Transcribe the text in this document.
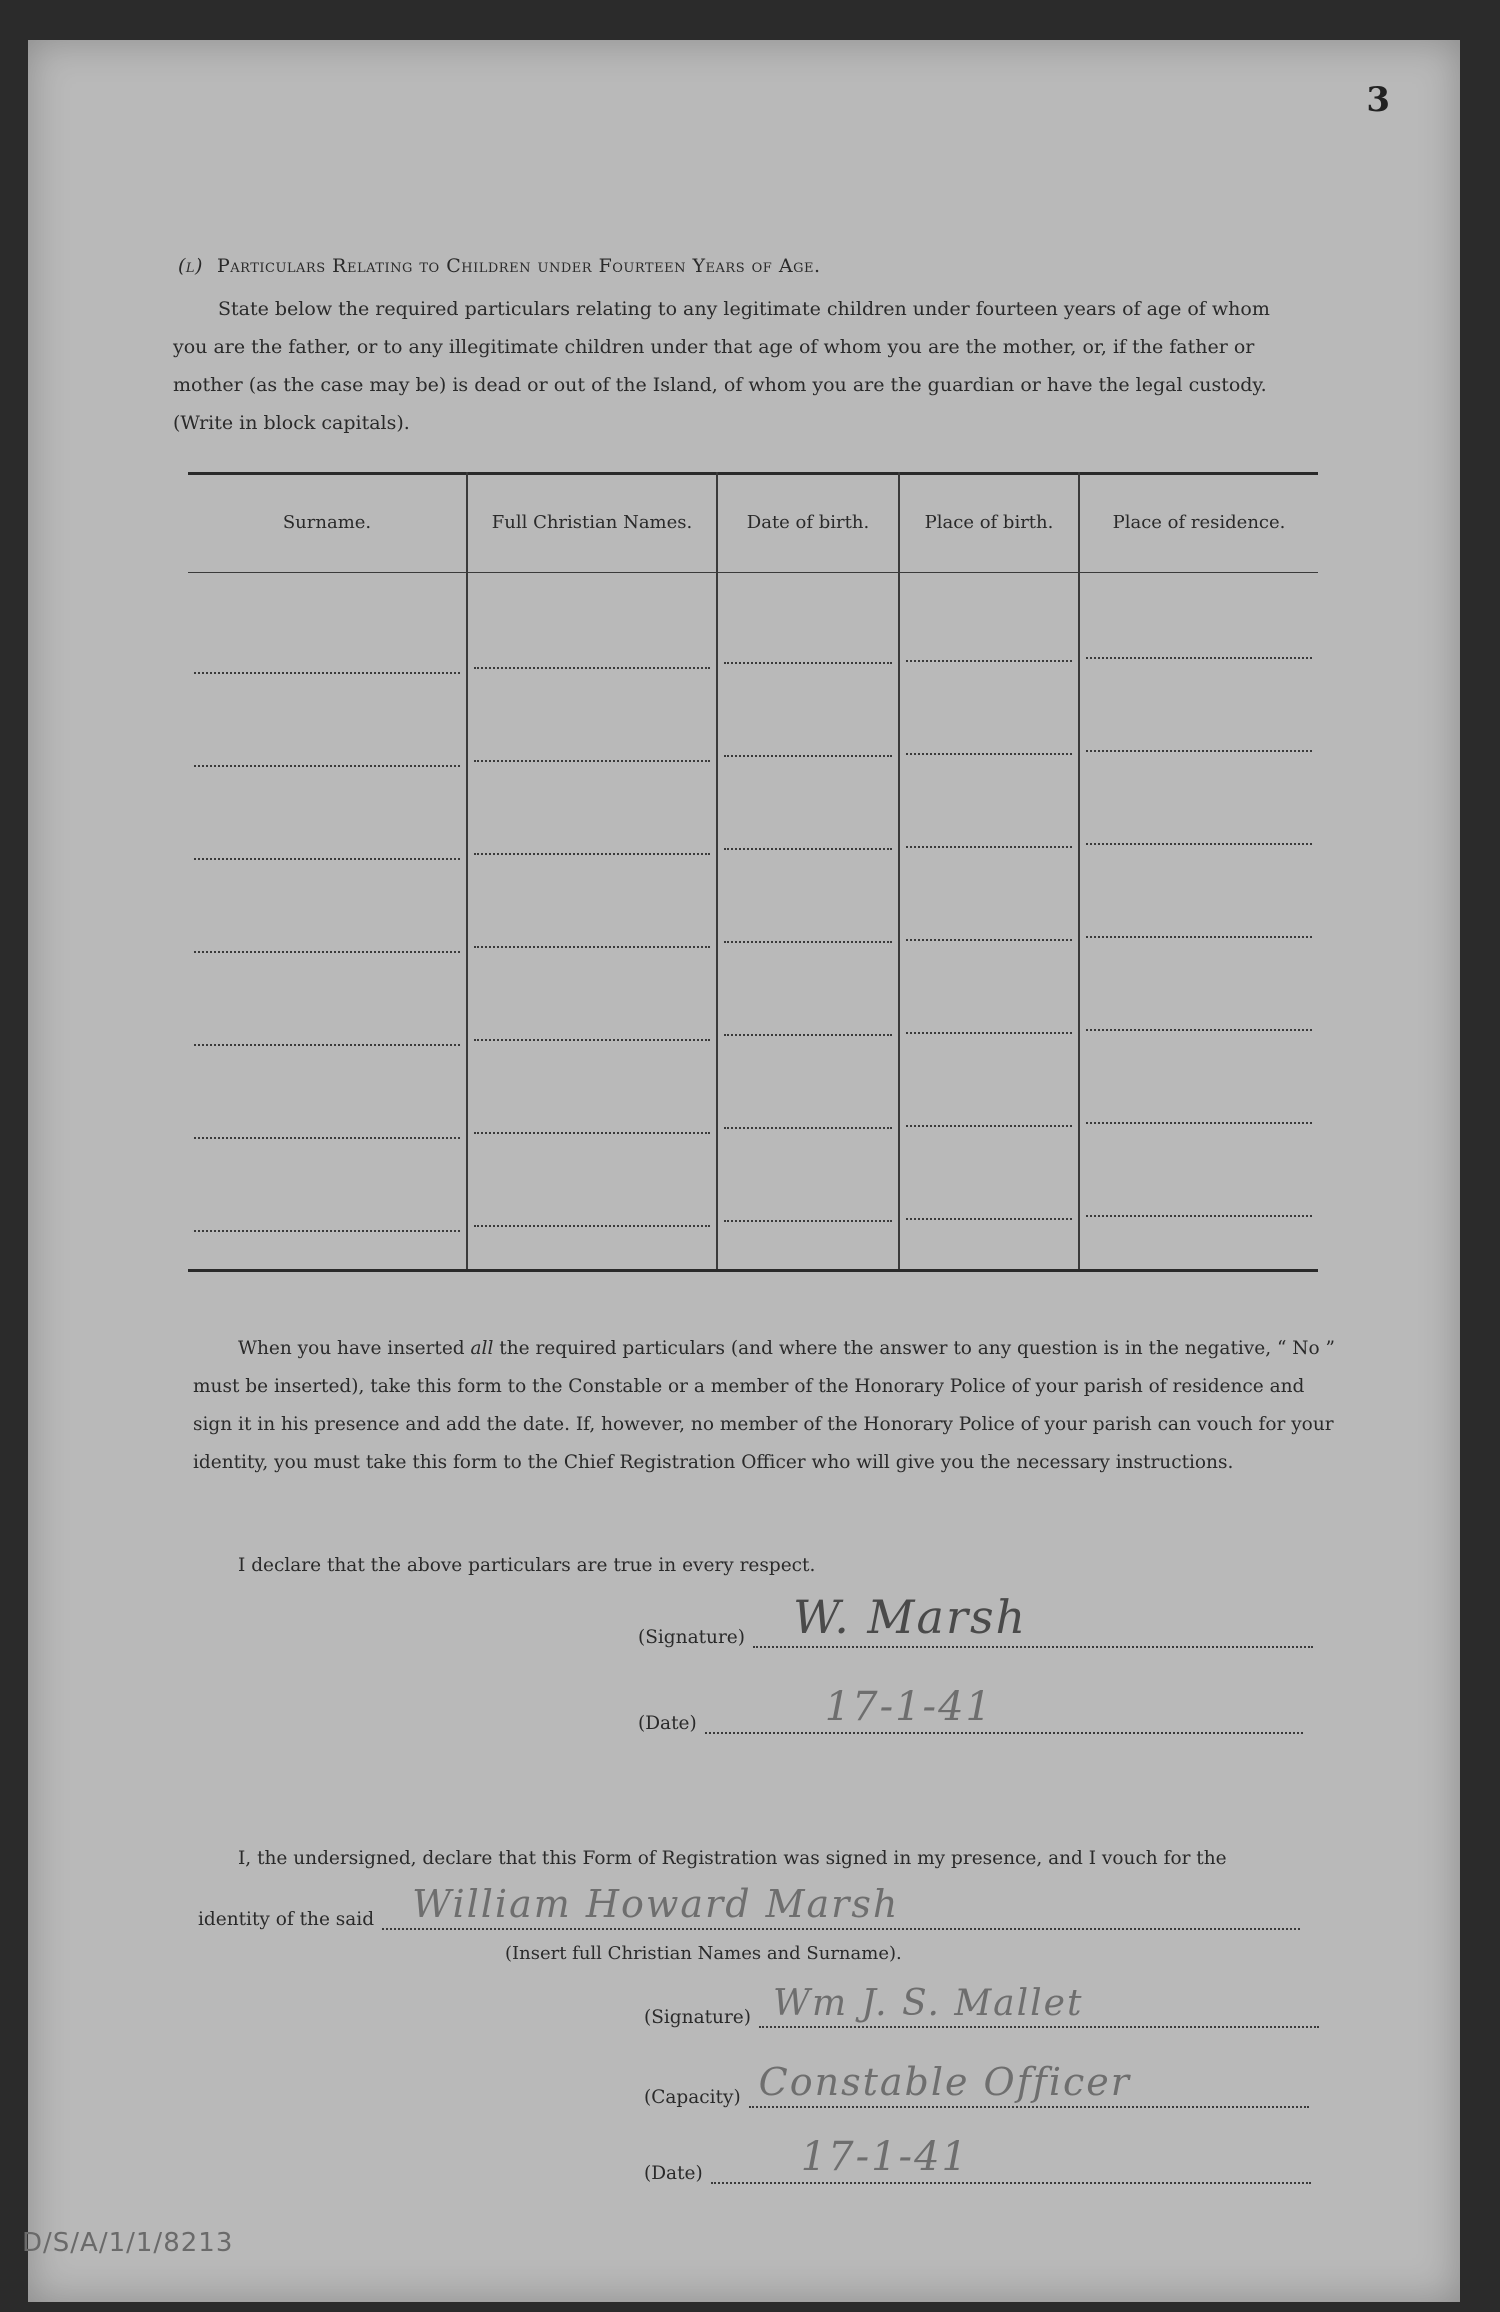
3
(l) Particulars Relating to Children under Fourteen Years of Age.
State below the required particulars relating to any legitimate children under fourteen years of age of whom you are the father, or to any illegitimate children under that age of whom you are the mother, or, if the father or mother (as the case may be) is dead or out of the Island, of whom you are the guardian or have the legal custody. (Write in block capitals).
Surname.	Full Christian Names.	Date of birth.	Place of birth.	Place of residence.
When you have inserted all the required particulars (and where the answer to any question is in the negative, “ No ” must be inserted), take this form to the Constable or a member of the Honorary Police of your parish of residence and sign it in his presence and add the date. If, however, no member of the Honorary Police of your parish can vouch for your identity, you must take this form to the Chief Registration Officer who will give you the necessary instructions.
I declare that the above particulars are true in every respect.
(Signature) W. Marsh
(Date)	17-1-41
I, the undersigned, declare that this Form of Registration was signed in my presence, and I vouch for the
identity of the said William Howard Marsh
(Insert full Christian Names and Surname).
(Signature) Wm J. S. Mallet
(Capacity) Constable Officer
(Date) 17-1-41
D/S/A/1/1/8213
